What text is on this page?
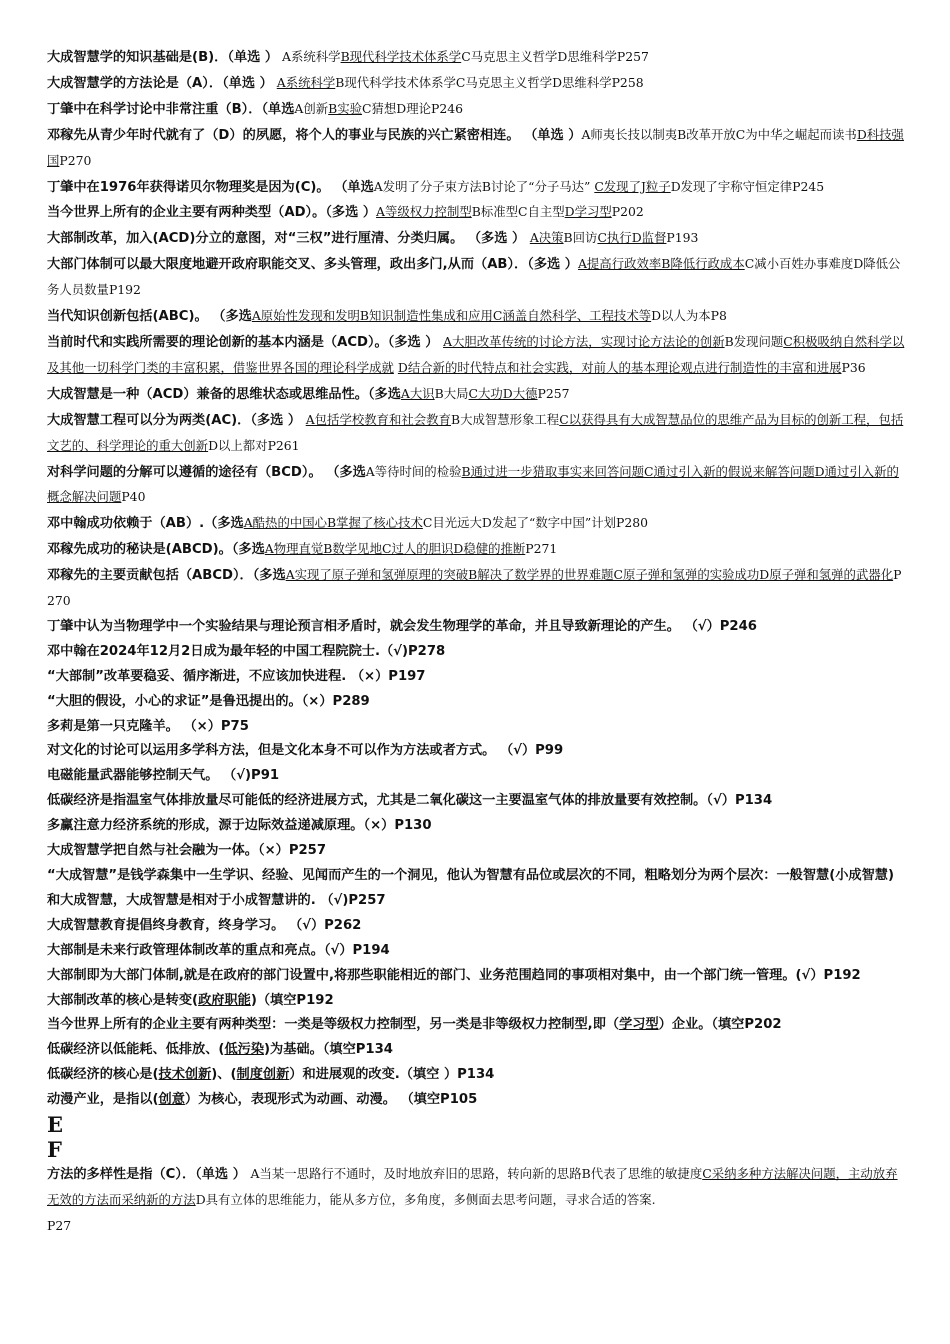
大成智慧学的知识基础是(B)．（单选 ） A系统科学B现代科学技术体系学C马克思主义哲学D思维科学P257
大成智慧学的方法论是（A）．（单选 ） A系统科学B现代科学技术体系学C马克思主义哲学D思维科学P258
丁肇中在科学讨论中非常注重（B）．（单选A创新B实验C猜想D理论P246
邓稼先从青少年时代就有了（D）的夙愿，将个人的事业与民族的兴亡紧密相连。 （单选 ）A师夷长技以制夷B改革开放C为中华之崛起而读书D科技强国P270
丁肇中在1976年获得诺贝尔物理奖是因为(C)。 （单选A发明了分子束方法B讨论了“分子马达” C发现了J粒子D发现了宇称守恒定律P245
当今世界上所有的企业主要有两种类型（AD）。（多选 ）A等级权力控制型B标准型C自主型D学习型P202
大部制改革，加入(ACD)分立的意图，对“三权”进行厘清、分类归属。 （多选 ） A决策B回访C执行D监督P193
大部门体制可以最大限度地避开政府职能交叉、多头管理，政出多门,从而（AB）．（多选 ）A提高行政效率B降低行政成本C减小百姓办事难度D降低公务人员数量P192
当代知识创新包括(ABC)。 （多选A原始性发现和发明B知识制造性集成和应用C涵盖自然科学、工程技术等D以人为本P8
当前时代和实践所需要的理论创新的基本内涵是（ACD）。（多选 ） A大胆改革传统的讨论方法，实现讨论方法论的创新B发现问题C积极吸纳自然科学以及其他一切科学门类的丰富积累，借鉴世界各国的理论科学成就 D结合新的时代特点和社会实践，对前人的基本理论观点进行制造性的丰富和进展P36
大成智慧是一种（ACD）兼备的思维状态或思维品性。（多选A大识B大局C大功D大德P257
大成智慧工程可以分为两类(AC)．（多选 ） A包括学校教育和社会教育B大成智慧形象工程C以获得具有大成智慧品位的思维产品为目标的创新工程，包括文艺的、科学理论的重大创新D以上都对P261
对科学问题的分解可以遵循的途径有（BCD）。 （多选A等待时间的检验B通过进一步猎取事实来回答问题C通过引入新的假说来解答问题D通过引入新的概念解决问题P40
邓中翰成功依赖于（AB）.（多选A酷热的中国心B掌握了核心技术C目光远大D发起了“数字中国”计划P280
邓稼先成功的秘诀是(ABCD)。（多选A物理直觉B数学见地C过人的胆识D稳健的推断P271
邓稼先的主要贡献包括（ABCD）．（多选A实现了原子弹和氢弹原理的突破B解决了数学界的世界难题C原子弹和氢弹的实验成功D原子弹和氢弹的武器化P270
丁肇中认为当物理学中一个实验结果与理论预言相矛盾时，就会发生物理学的革命，并且导致新理论的产生。 （√）P246
邓中翰在2024年12月2日成为最年轻的中国工程院院士.（√)P278
“大部制”改革要稳妥、循序渐进，不应该加快进程. （×）P197
“大胆的假设，小心的求证”是鲁迅提出的。（×）P289
多莉是第一只克隆羊。 （×）P75
对文化的讨论可以运用多学科方法，但是文化本身不可以作为方法或者方式。 （√）P99
电磁能量武器能够控制天气。 （√)P91
低碳经济是指温室气体排放量尽可能低的经济进展方式，尤其是二氧化碳这一主要温室气体的排放量要有效控制。（√）P134
多赢注意力经济系统的形成，源于边际效益递减原理。（×）P130
大成智慧学把自然与社会融为一体。（×）P257
“大成智慧”是钱学森集中一生学识、经验、见闻而产生的一个洞见，他认为智慧有品位或层次的不同，粗略划分为两个层次：一般智慧(小成智慧)和大成智慧，大成智慧是相对于小成智慧讲的. （√)P257
大成智慧教育提倡终身教育，终身学习。 （√）P262
大部制是未来行政管理体制改革的重点和亮点。（√）P194
大部制即为大部门体制,就是在政府的部门设置中,将那些职能相近的部门、业务范围趋同的事项相对集中，由一个部门统一管理。(√）P192
大部制改革的核心是转变(政府职能)（填空P192
当今世界上所有的企业主要有两种类型：一类是等级权力控制型，另一类是非等级权力控制型,即（学习型）企业。（填空P202
低碳经济以低能耗、低排放、(低污染)为基础。（填空P134
低碳经济的核心是(技术创新)、(制度创新）和进展观的改变.（填空 ）P134
动漫产业，是指以(创意）为核心，表现形式为动画、动漫。 （填空P105
E
F
方法的多样性是指（C）．（单选 ） A当某一思路行不通时，及时地放弃旧的思路，转向新的思路B代表了思维的敏捷度C采纳多种方法解决问题，主动放弃无效的方法而采纳新的方法D具有立体的思维能力，能从多方位，多角度，多侧面去思考问题，寻求合适的答案.
P27
